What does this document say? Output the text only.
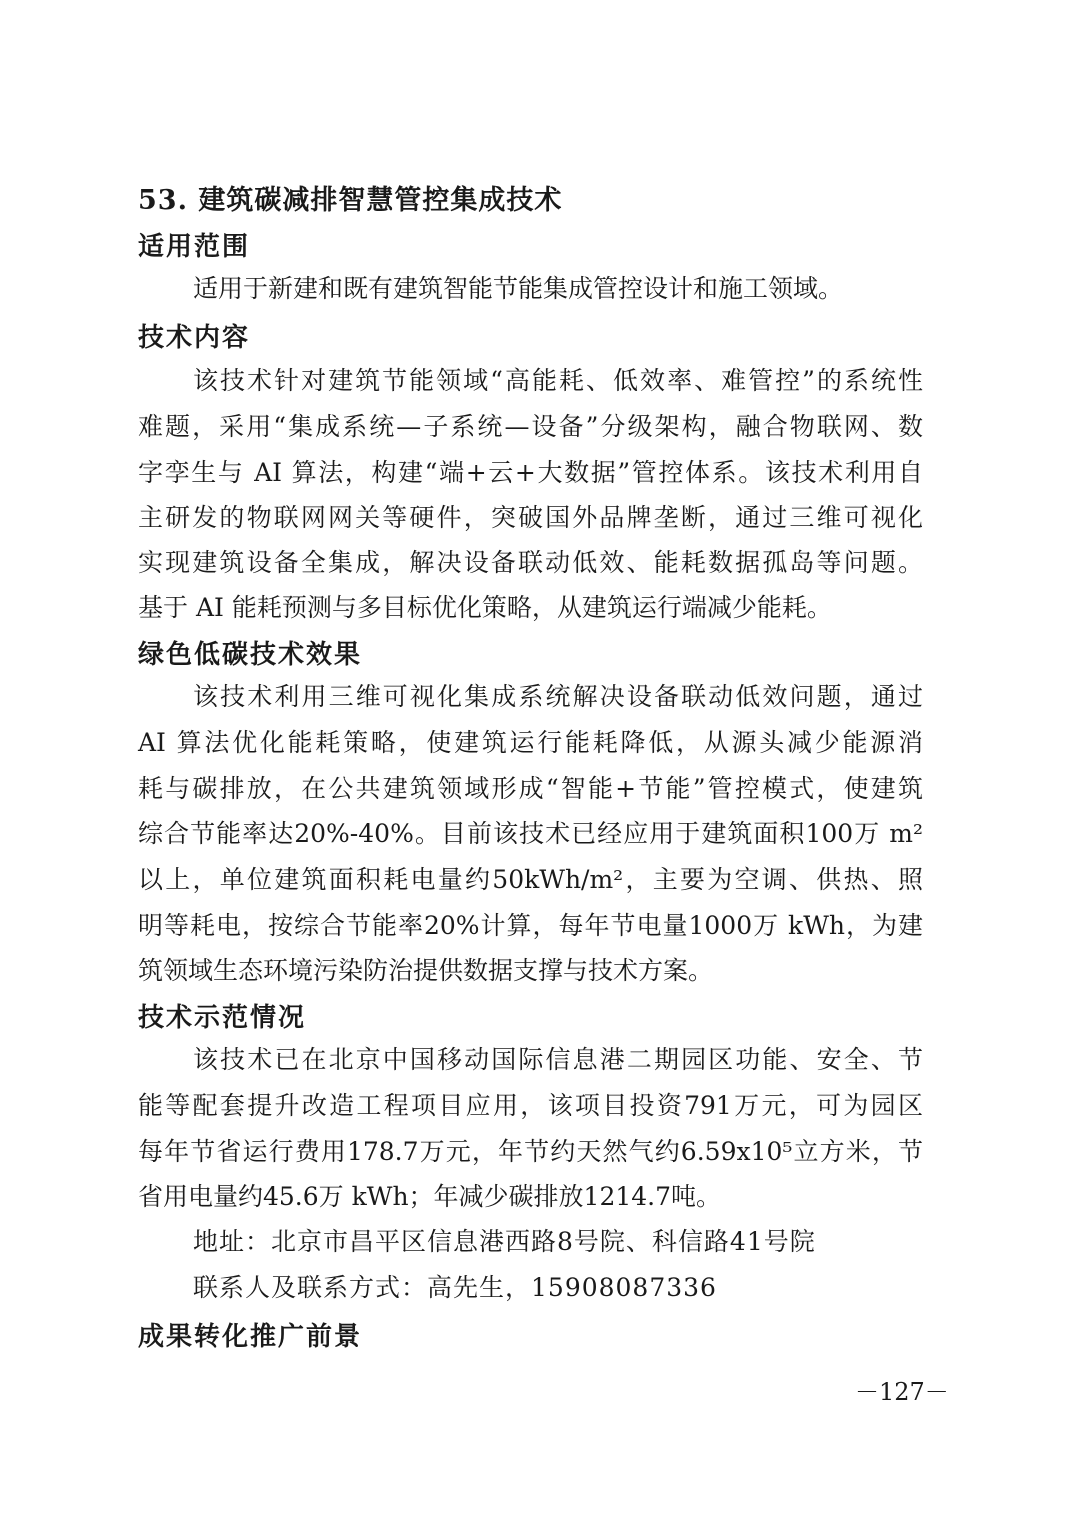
53. 建筑碳减排智慧管控集成技术
适用范围
适用于新建和既有建筑智能节能集成管控设计和施工领域。
技术内容
该技术针对建筑节能领域“高能耗、低效率、难管控”的系统性
难题，采用“集成系统—子系统—设备”分级架构，融合物联网、数
字孪生与 AI 算法，构建“端+云+大数据”管控体系。该技术利用自
主研发的物联网网关等硬件，突破国外品牌垄断，通过三维可视化
实现建筑设备全集成，解决设备联动低效、能耗数据孤岛等问题。
基于 AI 能耗预测与多目标优化策略，从建筑运行端减少能耗。
绿色低碳技术效果
该技术利用三维可视化集成系统解决设备联动低效问题，通过
AI 算法优化能耗策略，使建筑运行能耗降低，从源头减少能源消
耗与碳排放，在公共建筑领域形成“智能+节能”管控模式，使建筑
综合节能率达20%-40%。目前该技术已经应用于建筑面积100万 m²
以上，单位建筑面积耗电量约50kWh/m²，主要为空调、供热、照
明等耗电，按综合节能率20%计算，每年节电量1000万 kWh，为建
筑领域生态环境污染防治提供数据支撑与技术方案。
技术示范情况
该技术已在北京中国移动国际信息港二期园区功能、安全、节
能等配套提升改造工程项目应用，该项目投资791万元，可为园区
每年节省运行费用178.7万元，年节约天然气约6.59x10⁵立方米，节
省用电量约45.6万 kWh；年减少碳排放1214.7吨。
地址：北京市昌平区信息港西路8号院、科信路41号院
联系人及联系方式：高先生，15908087336
成果转化推广前景
－127－
